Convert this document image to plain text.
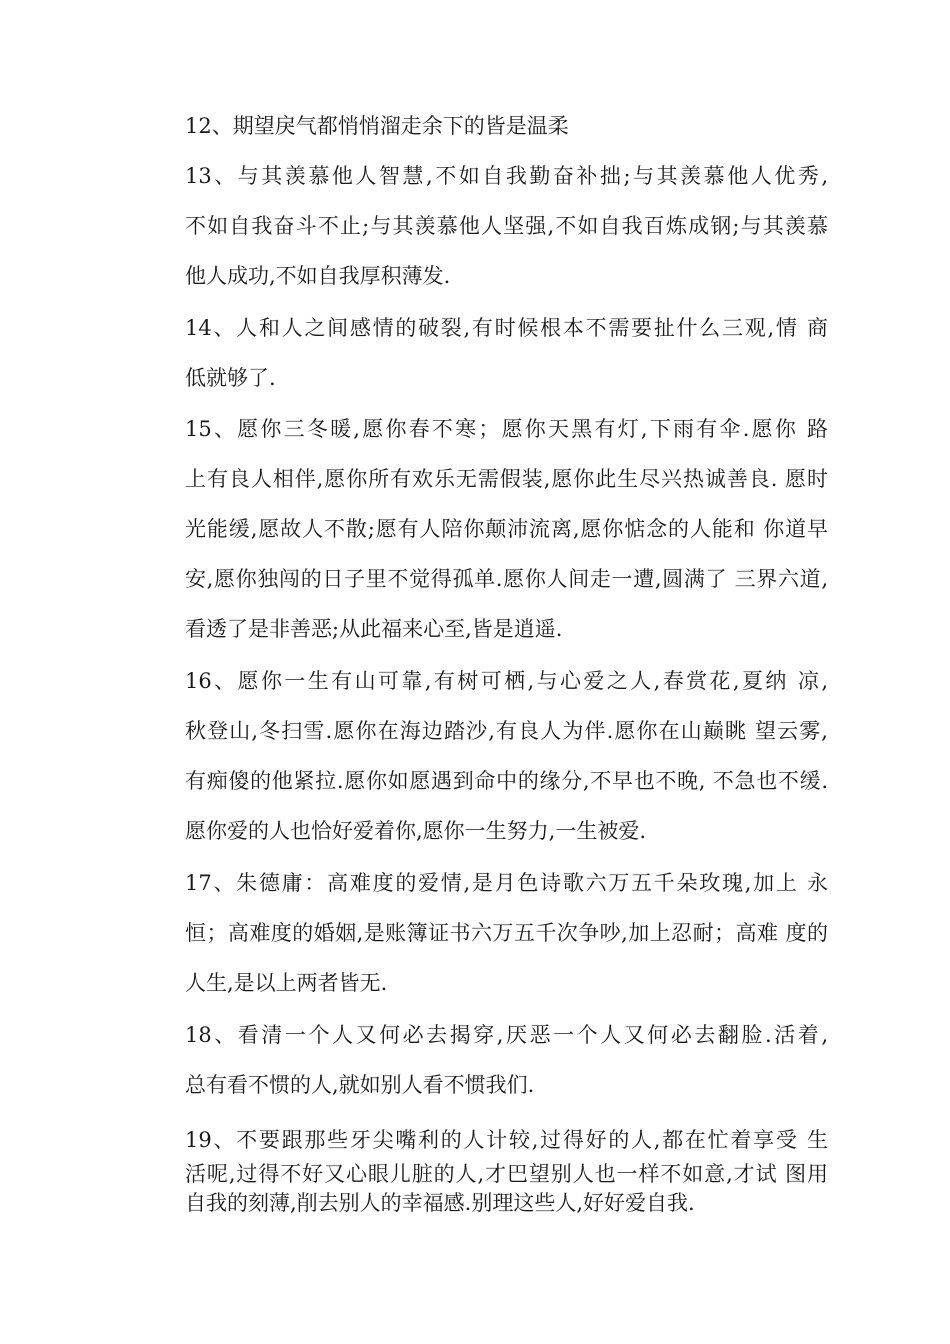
12、期望戾气都悄悄溜走余下的皆是温柔
13、与其羡慕他人智慧,不如自我勤奋补拙;与其羡慕他人优秀,
不如自我奋斗不止;与其羡慕他人坚强,不如自我百炼成钢;与其羡慕
他人成功,不如自我厚积薄发.
14、人和人之间感情的破裂,有时候根本不需要扯什么三观,情 商
低就够了.
15、愿你三冬暖,愿你春不寒；愿你天黑有灯,下雨有伞.愿你 路
上有良人相伴,愿你所有欢乐无需假装,愿你此生尽兴热诚善良. 愿时
光能缓,愿故人不散;愿有人陪你颠沛流离,愿你惦念的人能和 你道早
安,愿你独闯的日子里不觉得孤单.愿你人间走一遭,圆满了 三界六道,
看透了是非善恶;从此福来心至,皆是逍遥.
16、愿你一生有山可靠,有树可栖,与心爱之人,春赏花,夏纳 凉,
秋登山,冬扫雪.愿你在海边踏沙,有良人为伴.愿你在山巅眺 望云雾,
有痴傻的他紧拉.愿你如愿遇到命中的缘分,不早也不晚, 不急也不缓.
愿你爱的人也恰好爱着你,愿你一生努力,一生被爱.
17、朱德庸：高难度的爱情,是月色诗歌六万五千朵玫瑰,加上 永
恒；高难度的婚姻,是账簿证书六万五千次争吵,加上忍耐；高难 度的
人生,是以上两者皆无.
18、看清一个人又何必去揭穿,厌恶一个人又何必去翻脸.活着,
总有看不惯的人,就如别人看不惯我们.
19、不要跟那些牙尖嘴利的人计较,过得好的人,都在忙着享受 生
活呢,过得不好又心眼儿脏的人,才巴望别人也一样不如意,才试 图用
自我的刻薄,削去别人的幸福感.别理这些人,好好爱自我.
